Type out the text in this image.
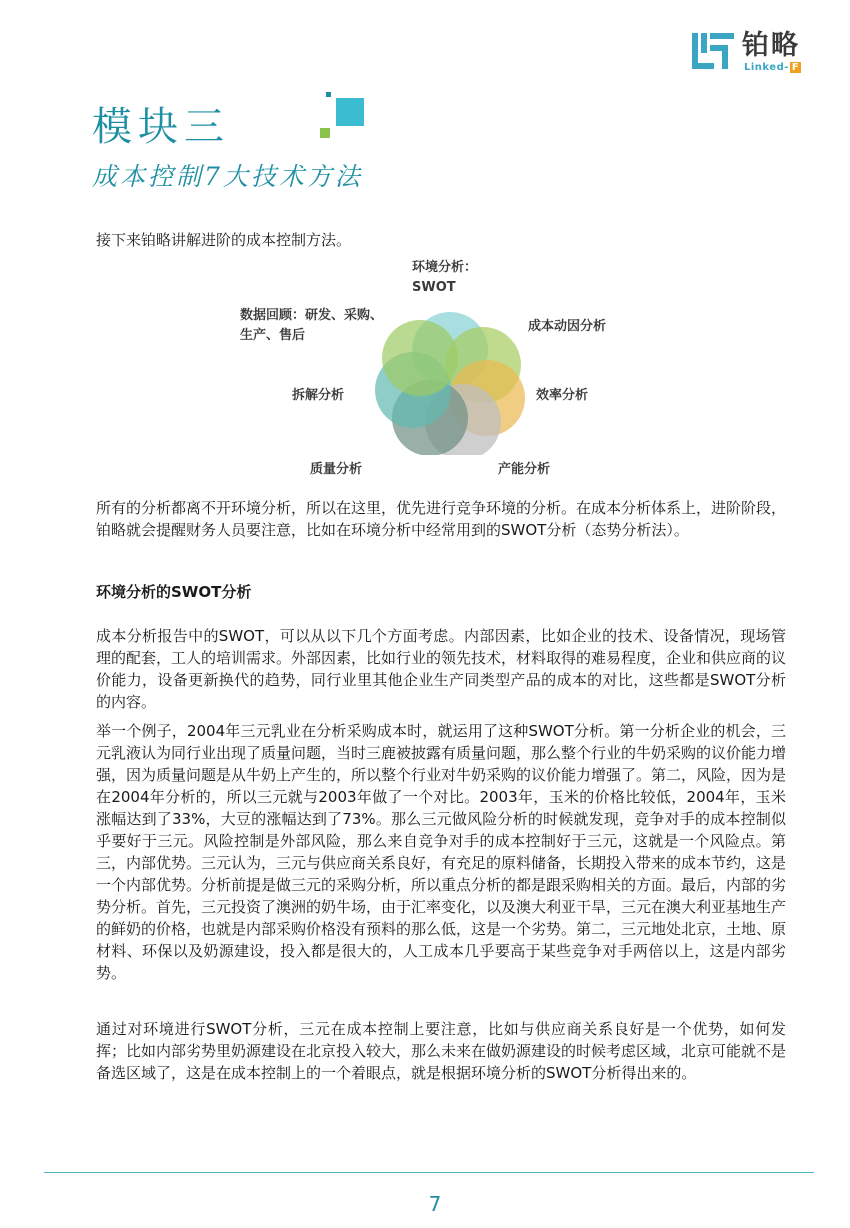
铂略
Linked- F
模块三
成本控制7大技术方法
接下来铂略讲解进阶的成本控制方法。
环境分析：
SWOT
成本动因分析
效率分析
产能分析
质量分析
拆解分析
数据回顾：研发、采购、
生产、售后
所有的分析都离不开环境分析，所以在这里，优先进行竞争环境的分析。在成本分析体系上，进阶阶段，铂略就会提醒财务人员要注意，比如在环境分析中经常用到的SWOT分析（态势分析法）。
环境分析的SWOT分析
成本分析报告中的SWOT，可以从以下几个方面考虑。内部因素，比如企业的技术、设备情况，现场管理的配套，工人的培训需求。外部因素，比如行业的领先技术，材料取得的难易程度，企业和供应商的议价能力，设备更新换代的趋势，同行业里其他企业生产同类型产品的成本的对比，这些都是SWOT分析的内容。
举一个例子，2004年三元乳业在分析采购成本时，就运用了这种SWOT分析。第一分析企业的机会，三元乳液认为同行业出现了质量问题，当时三鹿被披露有质量问题，那么整个行业的牛奶采购的议价能力增强，因为质量问题是从牛奶上产生的，所以整个行业对牛奶采购的议价能力增强了。第二，风险，因为是在2004年分析的，所以三元就与2003年做了一个对比。2003年，玉米的价格比较低，2004年，玉米涨幅达到了33%，大豆的涨幅达到了73%。那么三元做风险分析的时候就发现，竞争对手的成本控制似乎要好于三元。风险控制是外部风险，那么来自竞争对手的成本控制好于三元，这就是一个风险点。第三，内部优势。三元认为，三元与供应商关系良好，有充足的原料储备，长期投入带来的成本节约，这是一个内部优势。分析前提是做三元的采购分析，所以重点分析的都是跟采购相关的方面。最后，内部的劣势分析。首先，三元投资了澳洲的奶牛场，由于汇率变化，以及澳大利亚干旱，三元在澳大利亚基地生产的鲜奶的价格，也就是内部采购价格没有预料的那么低，这是一个劣势。第二，三元地处北京，土地、原材料、环保以及奶源建设，投入都是很大的，人工成本几乎要高于某些竞争对手两倍以上，这是内部劣势。
通过对环境进行SWOT分析，三元在成本控制上要注意，比如与供应商关系良好是一个优势，如何发挥；比如内部劣势里奶源建设在北京投入较大，那么未来在做奶源建设的时候考虑区域，北京可能就不是备选区域了，这是在成本控制上的一个着眼点，就是根据环境分析的SWOT分析得出来的。
7
